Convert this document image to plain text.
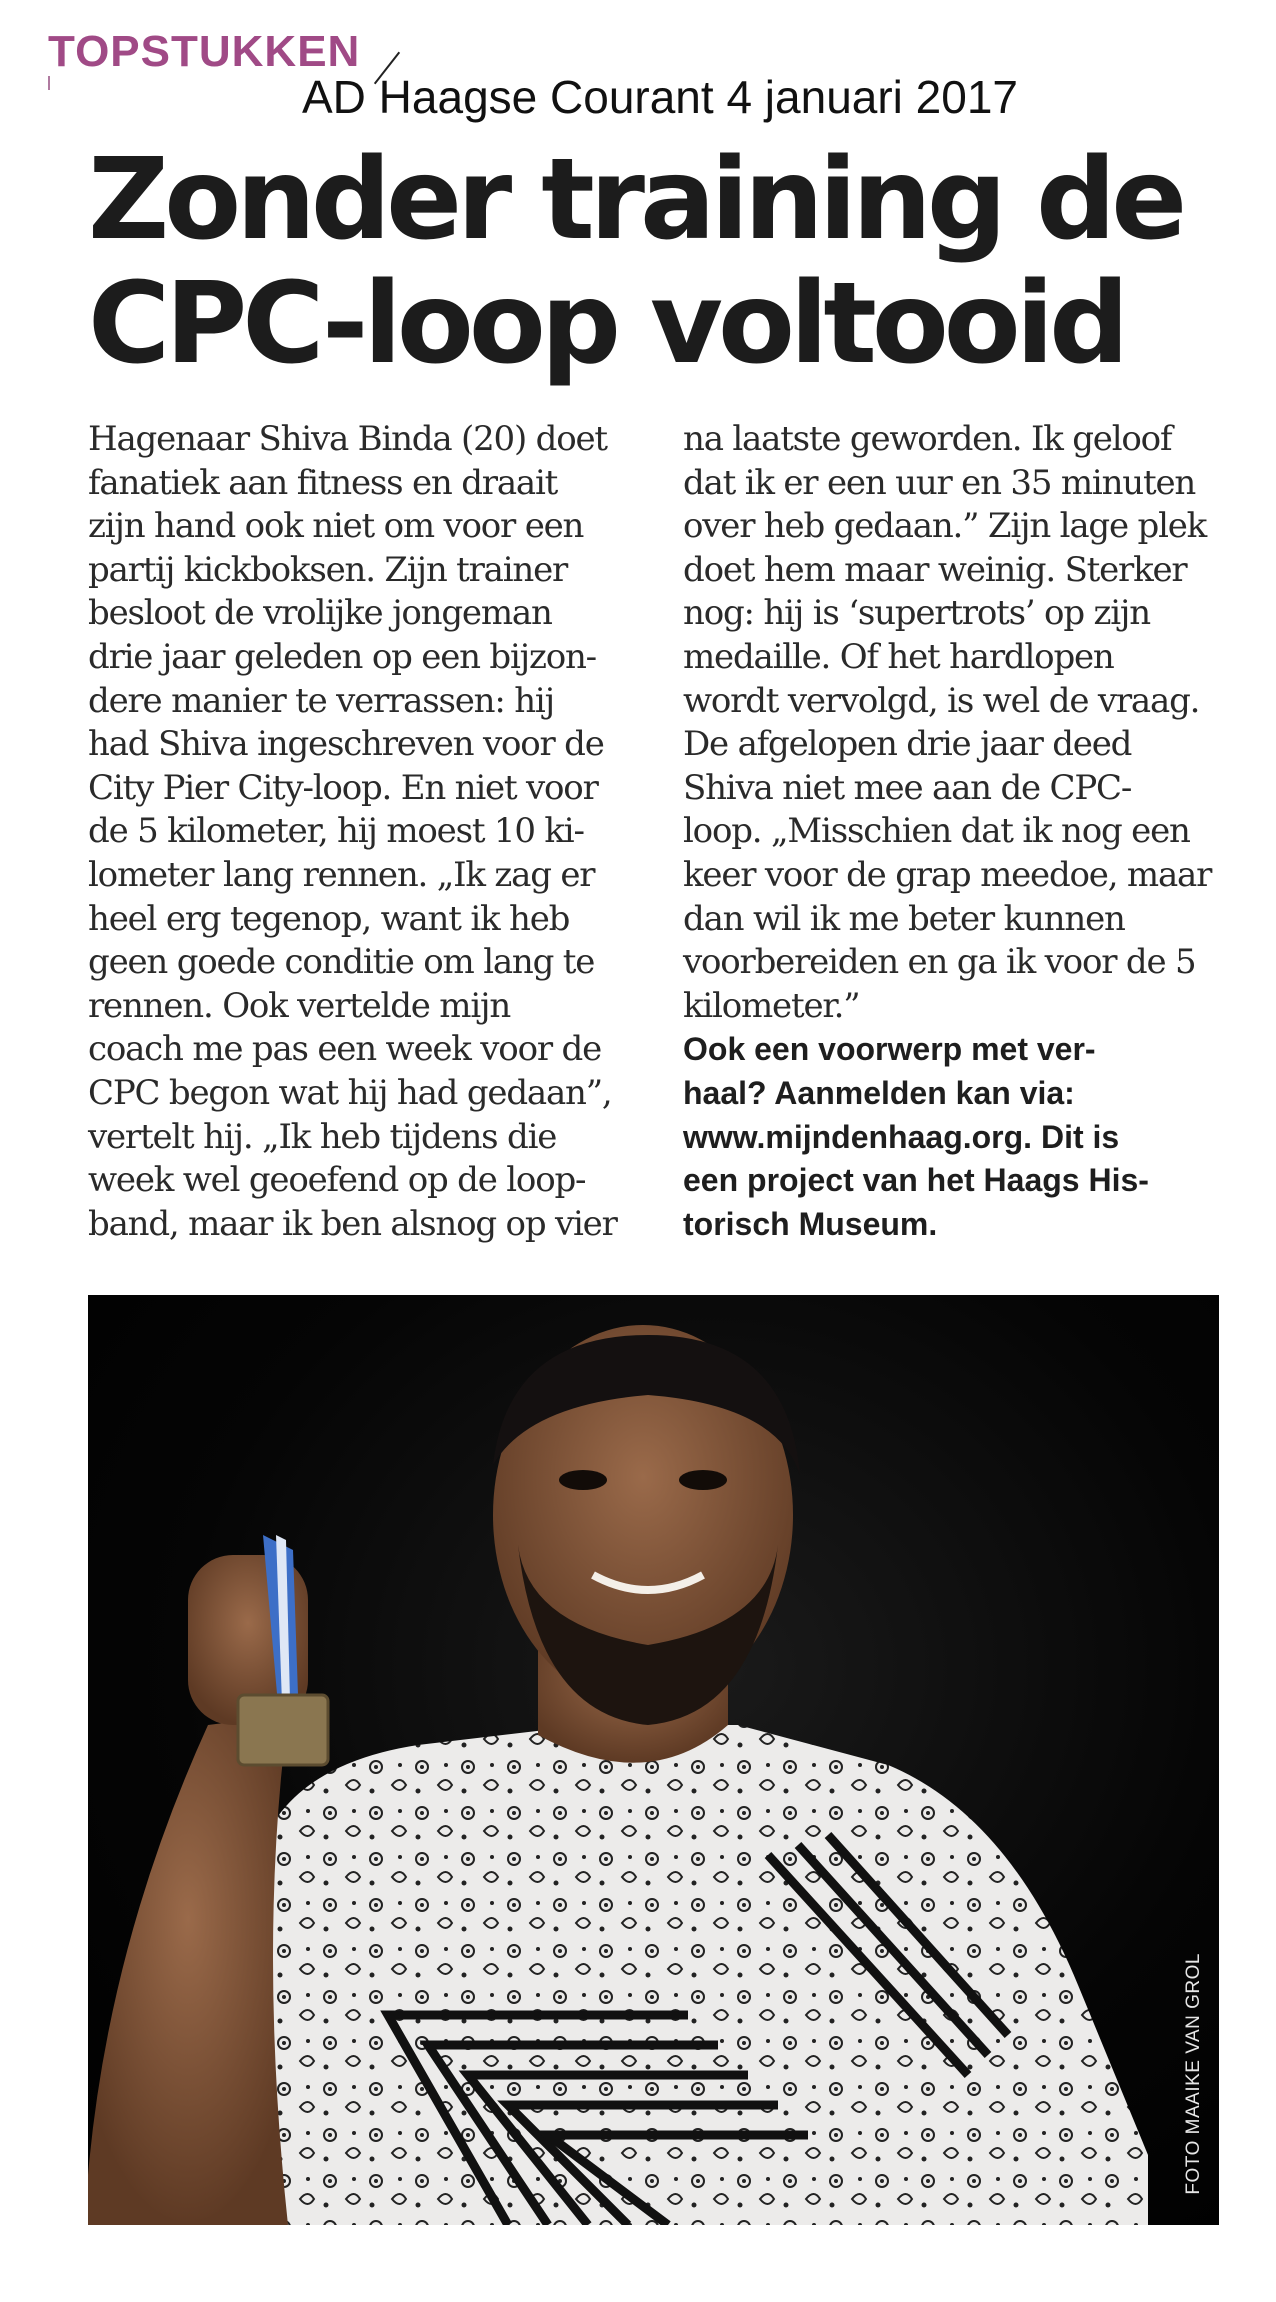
TOPSTUKKEN
AD Haagse Courant 4 januari 2017
Zonder training de
CPC-loop voltooid
Hagenaar Shiva Binda (20) doet
fanatiek aan fitness en draait
zijn hand ook niet om voor een
partij kickboksen. Zijn trainer
besloot de vrolijke jongeman
drie jaar geleden op een bijzon-
dere manier te verrassen: hij
had Shiva ingeschreven voor de
City Pier City-loop. En niet voor
de 5 kilometer, hij moest 10 ki-
lometer lang rennen. „Ik zag er
heel erg tegenop, want ik heb
geen goede conditie om lang te
rennen. Ook vertelde mijn
coach me pas een week voor de
CPC begon wat hij had gedaan”,
vertelt hij. „Ik heb tijdens die
week wel geoefend op de loop-
band, maar ik ben alsnog op vier
na laatste geworden. Ik geloof
dat ik er een uur en 35 minuten
over heb gedaan.” Zijn lage plek
doet hem maar weinig. Sterker
nog: hij is ‘supertrots’ op zijn
medaille. Of het hardlopen
wordt vervolgd, is wel de vraag.
De afgelopen drie jaar deed
Shiva niet mee aan de CPC-
loop. „Misschien dat ik nog een
keer voor de grap meedoe, maar
dan wil ik me beter kunnen
voorbereiden en ga ik voor de 5
kilometer.”
Ook een voorwerp met ver-
haal? Aanmelden kan via:
www.mijndenhaag.org. Dit is
een project van het Haags His-
torisch Museum.
FOTO MAAIKE VAN GROL
